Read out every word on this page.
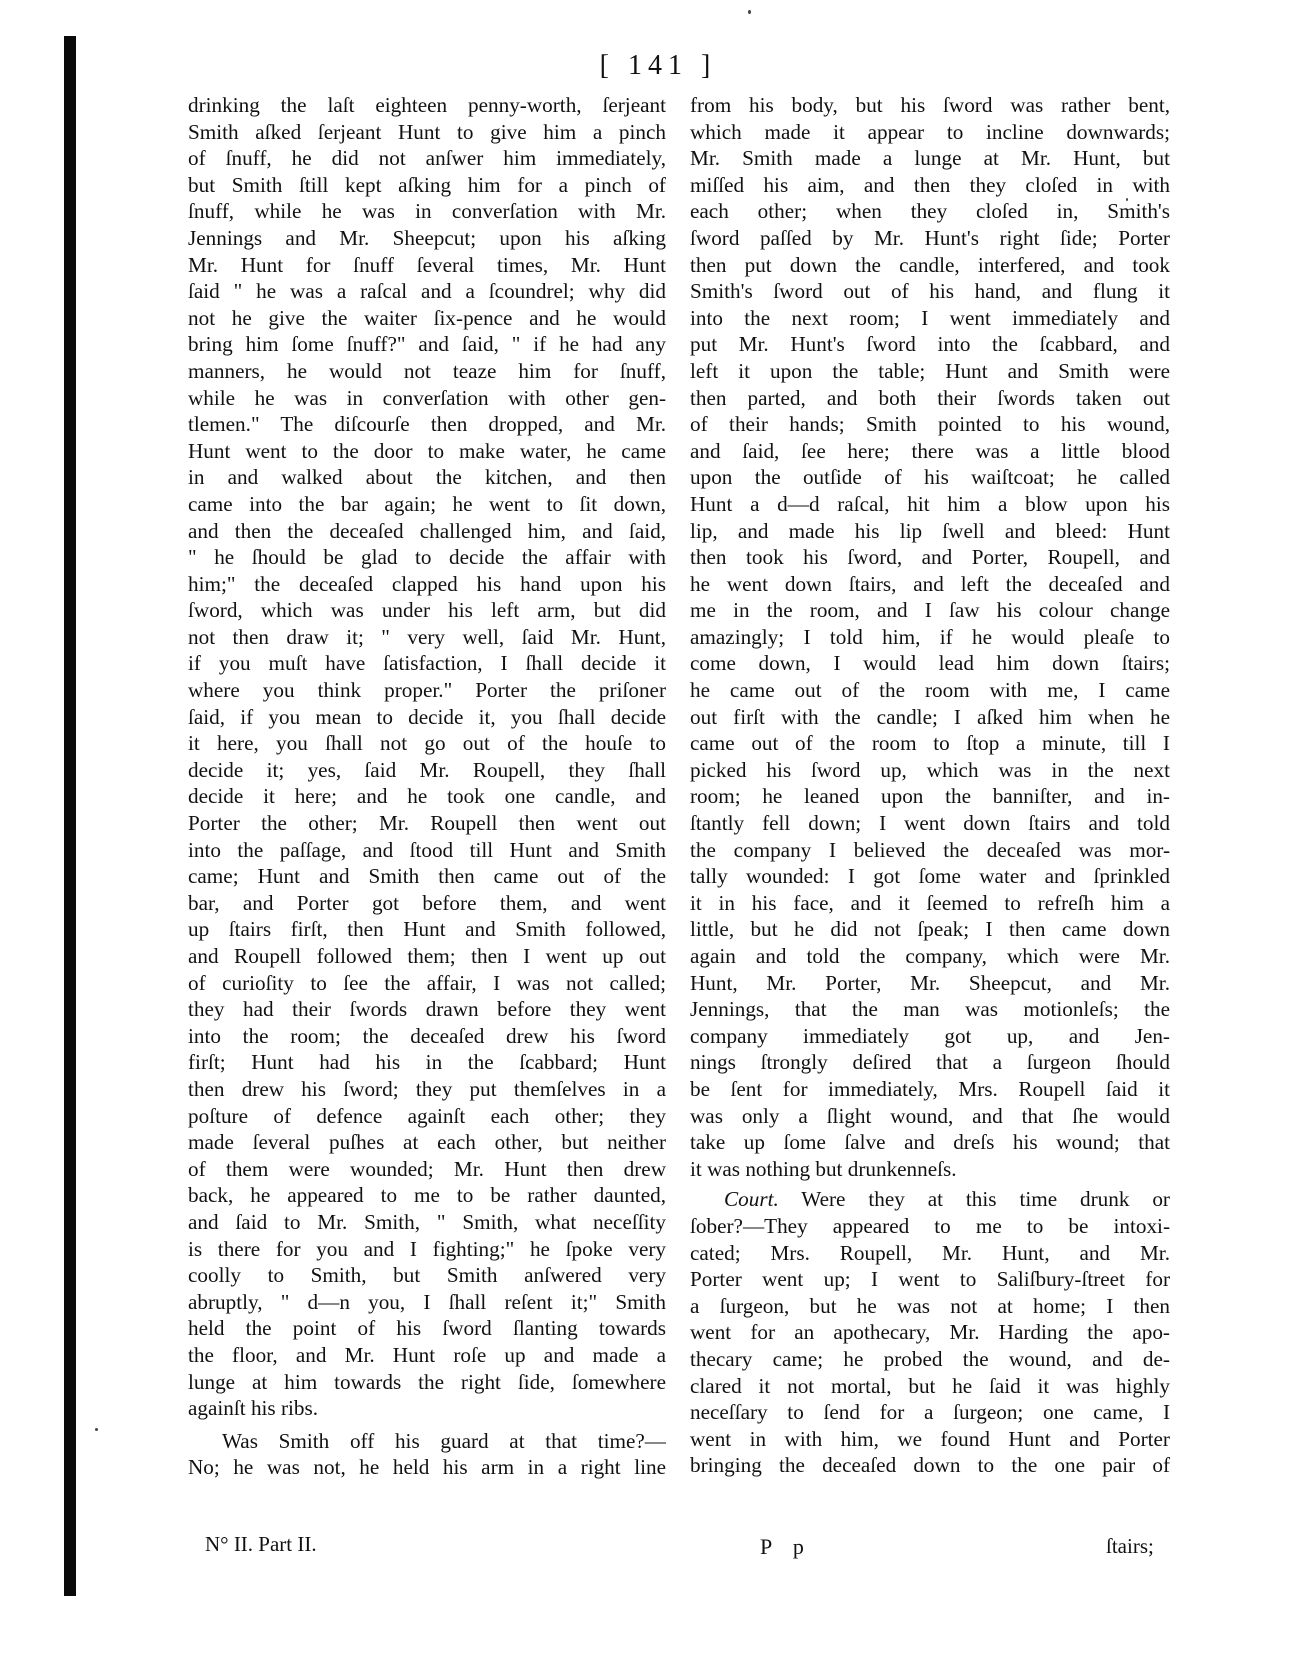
[ 141 ]
drinking the laſt eighteen penny-worth, ſerjeant
Smith aſked ſerjeant Hunt to give him a pinch
of ſnuff, he did not anſwer him immediately,
but Smith ſtill kept aſking him for a pinch of
ſnuff, while he was in converſation with Mr.
Jennings and Mr. Sheepcut; upon his aſking
Mr. Hunt for ſnuff ſeveral times, Mr. Hunt
ſaid " he was a raſcal and a ſcoundrel; why did
not he give the waiter ſix-pence and he would
bring him ſome ſnuff?" and ſaid, " if he had any
manners, he would not teaze him for ſnuff,
while he was in converſation with other gen-
tlemen." The diſcourſe then dropped, and Mr.
Hunt went to the door to make water, he came
in and walked about the kitchen, and then
came into the bar again; he went to ſit down,
and then the deceaſed challenged him, and ſaid,
" he ſhould be glad to decide the affair with
him;" the deceaſed clapped his hand upon his
ſword, which was under his left arm, but did
not then draw it; " very well, ſaid Mr. Hunt,
if you muſt have ſatisfaction, I ſhall decide it
where you think proper." Porter the priſoner
ſaid, if you mean to decide it, you ſhall decide
it here, you ſhall not go out of the houſe to
decide it; yes, ſaid Mr. Roupell, they ſhall
decide it here; and he took one candle, and
Porter the other; Mr. Roupell then went out
into the paſſage, and ſtood till Hunt and Smith
came; Hunt and Smith then came out of the
bar, and Porter got before them, and went
up ſtairs firſt, then Hunt and Smith followed,
and Roupell followed them; then I went up out
of curioſity to ſee the affair, I was not called;
they had their ſwords drawn before they went
into the room; the deceaſed drew his ſword
firſt; Hunt had his in the ſcabbard; Hunt
then drew his ſword; they put themſelves in a
poſture of defence againſt each other; they
made ſeveral puſhes at each other, but neither
of them were wounded; Mr. Hunt then drew
back, he appeared to me to be rather daunted,
and ſaid to Mr. Smith, " Smith, what neceſſity
is there for you and I fighting;" he ſpoke very
coolly to Smith, but Smith anſwered very
abruptly, " d—n you, I ſhall reſent it;" Smith
held the point of his ſword ſlanting towards
the floor, and Mr. Hunt roſe up and made a
lunge at him towards the right ſide, ſomewhere
againſt his ribs.
Was Smith off his guard at that time?—
No; he was not, he held his arm in a right line
from his body, but his ſword was rather bent,
which made it appear to incline downwards;
Mr. Smith made a lunge at Mr. Hunt, but
miſſed his aim, and then they cloſed in with
each other; when they cloſed in, Smith's
ſword paſſed by Mr. Hunt's right ſide; Porter
then put down the candle, interfered, and took
Smith's ſword out of his hand, and flung it
into the next room; I went immediately and
put Mr. Hunt's ſword into the ſcabbard, and
left it upon the table; Hunt and Smith were
then parted, and both their ſwords taken out
of their hands; Smith pointed to his wound,
and ſaid, ſee here; there was a little blood
upon the outſide of his waiſtcoat; he called
Hunt a d—d raſcal, hit him a blow upon his
lip, and made his lip ſwell and bleed: Hunt
then took his ſword, and Porter, Roupell, and
he went down ſtairs, and left the deceaſed and
me in the room, and I ſaw his colour change
amazingly; I told him, if he would pleaſe to
come down, I would lead him down ſtairs;
he came out of the room with me, I came
out firſt with the candle; I aſked him when he
came out of the room to ſtop a minute, till I
picked his ſword up, which was in the next
room; he leaned upon the banniſter, and in-
ſtantly fell down; I went down ſtairs and told
the company I believed the deceaſed was mor-
tally wounded: I got ſome water and ſprinkled
it in his face, and it ſeemed to refreſh him a
little, but he did not ſpeak; I then came down
again and told the company, which were Mr.
Hunt, Mr. Porter, Mr. Sheepcut, and Mr.
Jennings, that the man was motionleſs; the
company immediately got up, and Jen-
nings ſtrongly deſired that a ſurgeon ſhould
be ſent for immediately, Mrs. Roupell ſaid it
was only a ſlight wound, and that ſhe would
take up ſome ſalve and dreſs his wound; that
it was nothing but drunkenneſs.
Court. Were they at this time drunk or
ſober?—They appeared to me to be intoxi-
cated; Mrs. Roupell, Mr. Hunt, and Mr.
Porter went up; I went to Saliſbury-ſtreet for
a ſurgeon, but he was not at home; I then
went for an apothecary, Mr. Harding the apo-
thecary came; he probed the wound, and de-
clared it not mortal, but he ſaid it was highly
neceſſary to ſend for a ſurgeon; one came, I
went in with him, we found Hunt and Porter
bringing the deceaſed down to the one pair of
N° II. Part II.	P p	ſtairs;
